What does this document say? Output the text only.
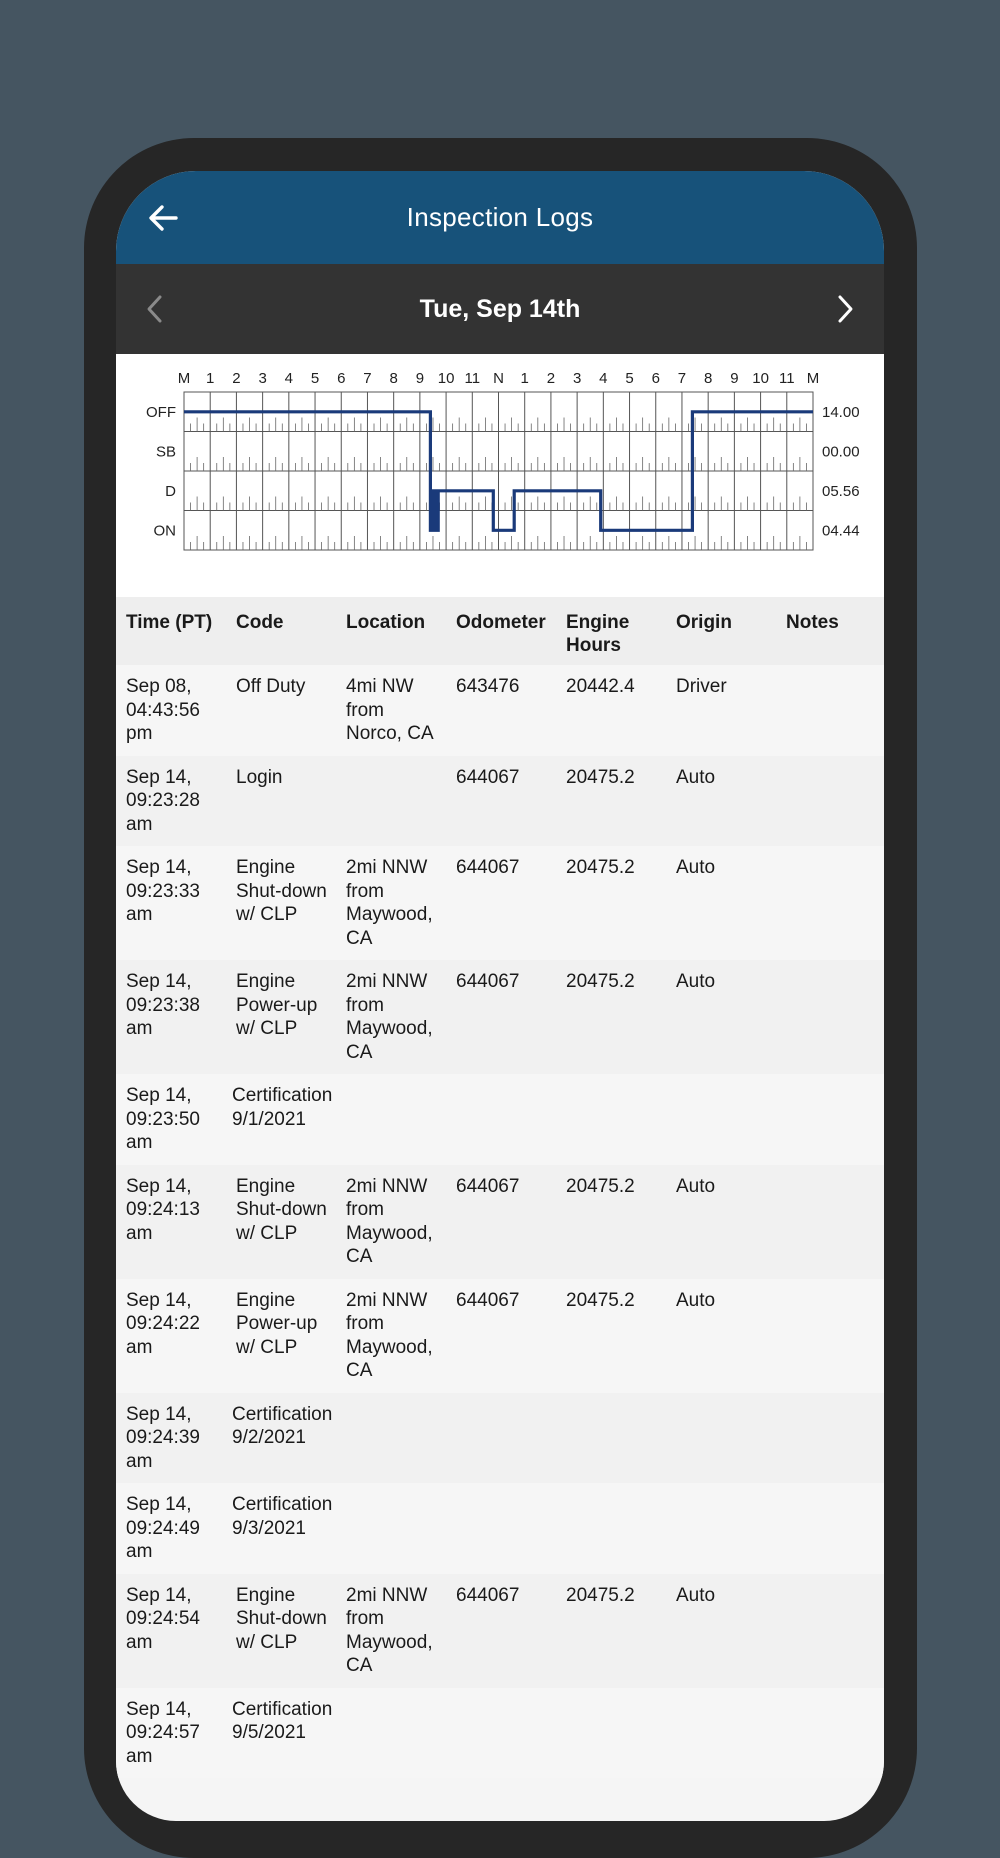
Inspection Logs
Tue, Sep 14th
M 1 2 3 4 5 6 7 8 9 10 11 N 1 2 3 4 5 6 7 8 9 10 11 M
OFF	14.00
SB	00.00
D	05.56
ON	04.44
Time (PT)	Code	Location	Odometer	Engine Hours	Origin	Notes
Sep 08, 04:43:56 pm	Off Duty	4mi NW from Norco, CA	643476	20442.4	Driver	
Sep 14, 09:23:28 am	Login		644067	20475.2	Auto	
Sep 14, 09:23:33 am	Engine Shut-down w/ CLP	2mi NNW from Maywood, CA	644067	20475.2	Auto	
Sep 14, 09:23:38 am	Engine Power-up w/ CLP	2mi NNW from Maywood, CA	644067	20475.2	Auto	
Sep 14, 09:23:50 am	Certification 9/1/2021					

Sep 14, 09:24:13 am	Engine Shut-down w/ CLP	2mi NNW from Maywood, CA	644067	20475.2	Auto	
Sep 14, 09:24:22 am	Engine Power-up w/ CLP	2mi NNW from Maywood, CA	644067	20475.2	Auto	
Sep 14, 09:24:39 am	Certification 9/2/2021					

Sep 14, 09:24:49 am	Certification 9/3/2021					

Sep 14, 09:24:54 am	Engine Shut-down w/ CLP	2mi NNW from Maywood, CA	644067	20475.2	Auto	
Sep 14, 09:24:57 am	Certification 9/5/2021					
